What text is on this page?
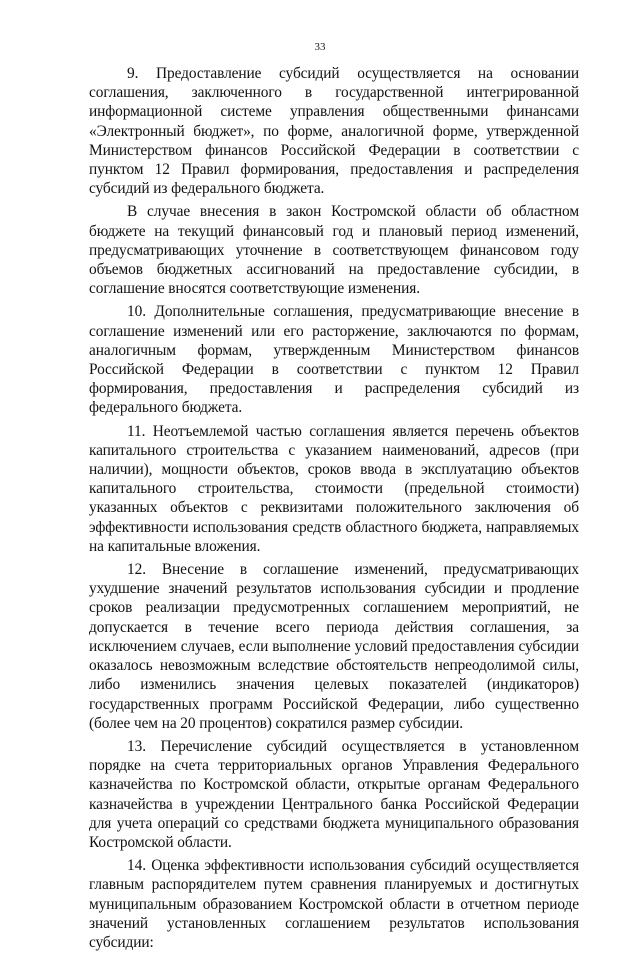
33

9. Предоставление субсидий осуществляется на основании соглашения, заключенного в государственной интегрированной информационной системе управления общественными финансами «Электронный бюджет», по форме, аналогичной форме, утвержденной Министерством финансов Российской Федерации в соответствии с пунктом 12 Правил формирования, предоставления и распределения субсидий из федерального бюджета.

В случае внесения в закон Костромской области об областном бюджете на текущий финансовый год и плановый период изменений, предусматривающих уточнение в соответствующем финансовом году объемов бюджетных ассигнований на предоставление субсидии, в соглашение вносятся соответствующие изменения.

10. Дополнительные соглашения, предусматривающие внесение в соглашение изменений или его расторжение, заключаются по формам, аналогичным формам, утвержденным Министерством финансов Российской Федерации в соответствии с пунктом 12 Правил формирования, предоставления и распределения субсидий из федерального бюджета.

11. Неотъемлемой частью соглашения является перечень объектов капитального строительства с указанием наименований, адресов (при наличии), мощности объектов, сроков ввода в эксплуатацию объектов капитального строительства, стоимости (предельной стоимости) указанных объектов с реквизитами положительного заключения об эффективности использования средств областного бюджета, направляемых на капитальные вложения.

12. Внесение в соглашение изменений, предусматривающих ухудшение значений результатов использования субсидии и продление сроков реализации предусмотренных соглашением мероприятий, не допускается в течение всего периода действия соглашения, за исключением случаев, если выполнение условий предоставления субсидии оказалось невозможным вследствие обстоятельств непреодолимой силы, либо изменились значения целевых показателей (индикаторов) государственных программ Российской Федерации, либо существенно (более чем на 20 процентов) сократился размер субсидии.

13. Перечисление субсидий осуществляется в установленном порядке на счета территориальных органов Управления Федерального казначейства по Костромской области, открытые органам Федерального казначейства в учреждении Центрального банка Российской Федерации для учета операций со средствами бюджета муниципального образования Костромской области.

14. Оценка эффективности использования субсидий осуществляется главным распорядителем путем сравнения планируемых и достигнутых муниципальным образованием Костромской области в отчетном периоде значений установленных соглашением результатов использования субсидии:
